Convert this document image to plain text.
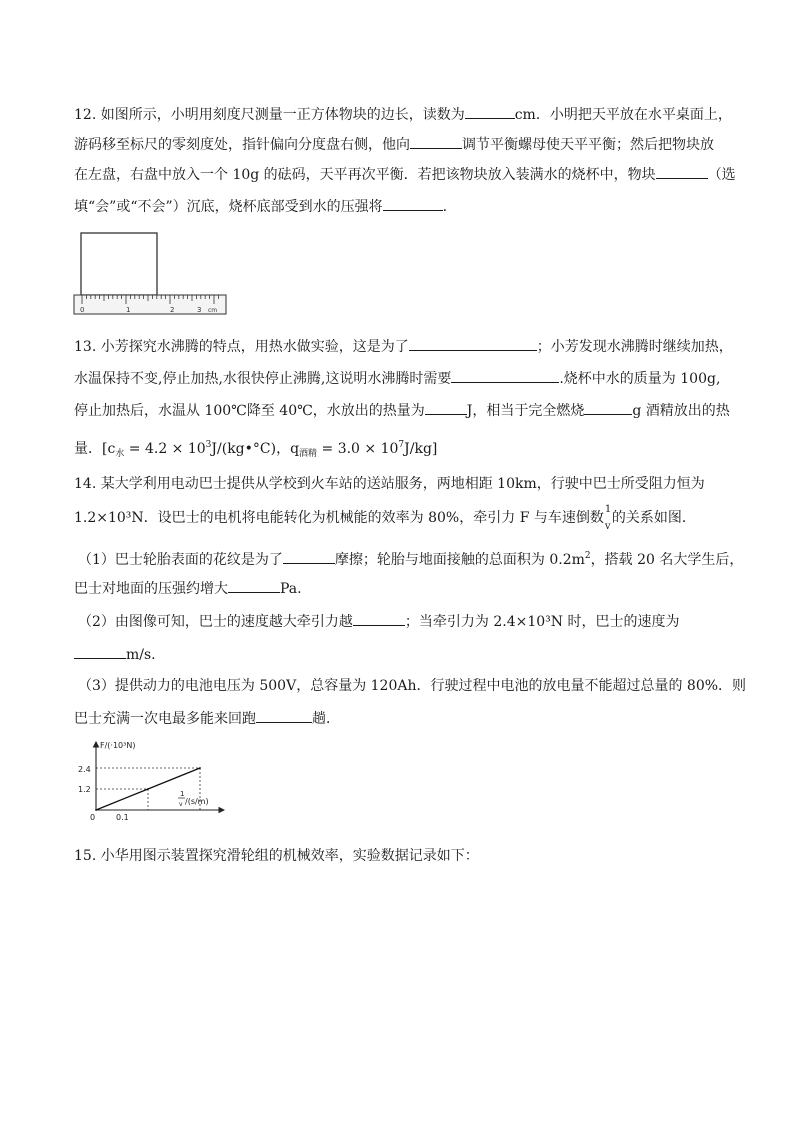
12. 如图所示，小明用刻度尺测量一正方体物块的边长，读数为	cm．小明把天平放在水平桌面上，
游码移至标尺的零刻度处，指针偏向分度盘右侧，他向	调节平衡螺母使天平平衡；然后把物块放
在左盘，右盘中放入一个 10g 的砝码，天平再次平衡．若把该物块放入装满水的烧杯中，物块	（选
填“会”或“不会”）沉底，烧杯底部受到水的压强将	.
0	1	2	3 cm
13. 小芳探究水沸腾的特点，用热水做实验，这是为了	；小芳发现水沸腾时继续加热，
水温保持不变,停止加热,水很快停止沸腾,这说明水沸腾时需要	.烧杯中水的质量为 100g,
停止加热后，水温从 100℃降至 40℃，水放出的热量为	J，相当于完全燃烧	g 酒精放出的热
量．[$c_水 = 4.2$ × $10^3J/(kg•^\circ C)$，$q_{酒精} = 3.0 \times 10^7J/kg$]
14. 某大学利用电动巴士提供从学校到火车站的送站服务，两地相距 10km，行驶中巴士所受阻力恒为
1.2×10³N．设巴士的电机将电能转化为机械能的效率为 80%，牵引力 F 与车速倒数
1
v
的关系如图．
（1）巴士轮胎表面的花纹是为了	摩擦；轮胎与地面接触的总面积为 $0.2m^2$，搭载 20 名大学生后，
巴士对地面的压强约增大	Pa.
（2）由图像可知，巴士的速度越大牵引力越	；当牵引力为 2.4×10³N 时，巴士的速度为
m/s.
（3）提供动力的电池电压为 500V，总容量为 120Ah．行驶过程中电池的放电量不能超过总量的 80%．则
巴士充满一次电最多能来回跑	趟．
F/(·10³N)
2.4
1.2
0	0.1
1
v /(s/m)
15. 小华用图示装置探究滑轮组的机械效率，实验数据记录如下：
